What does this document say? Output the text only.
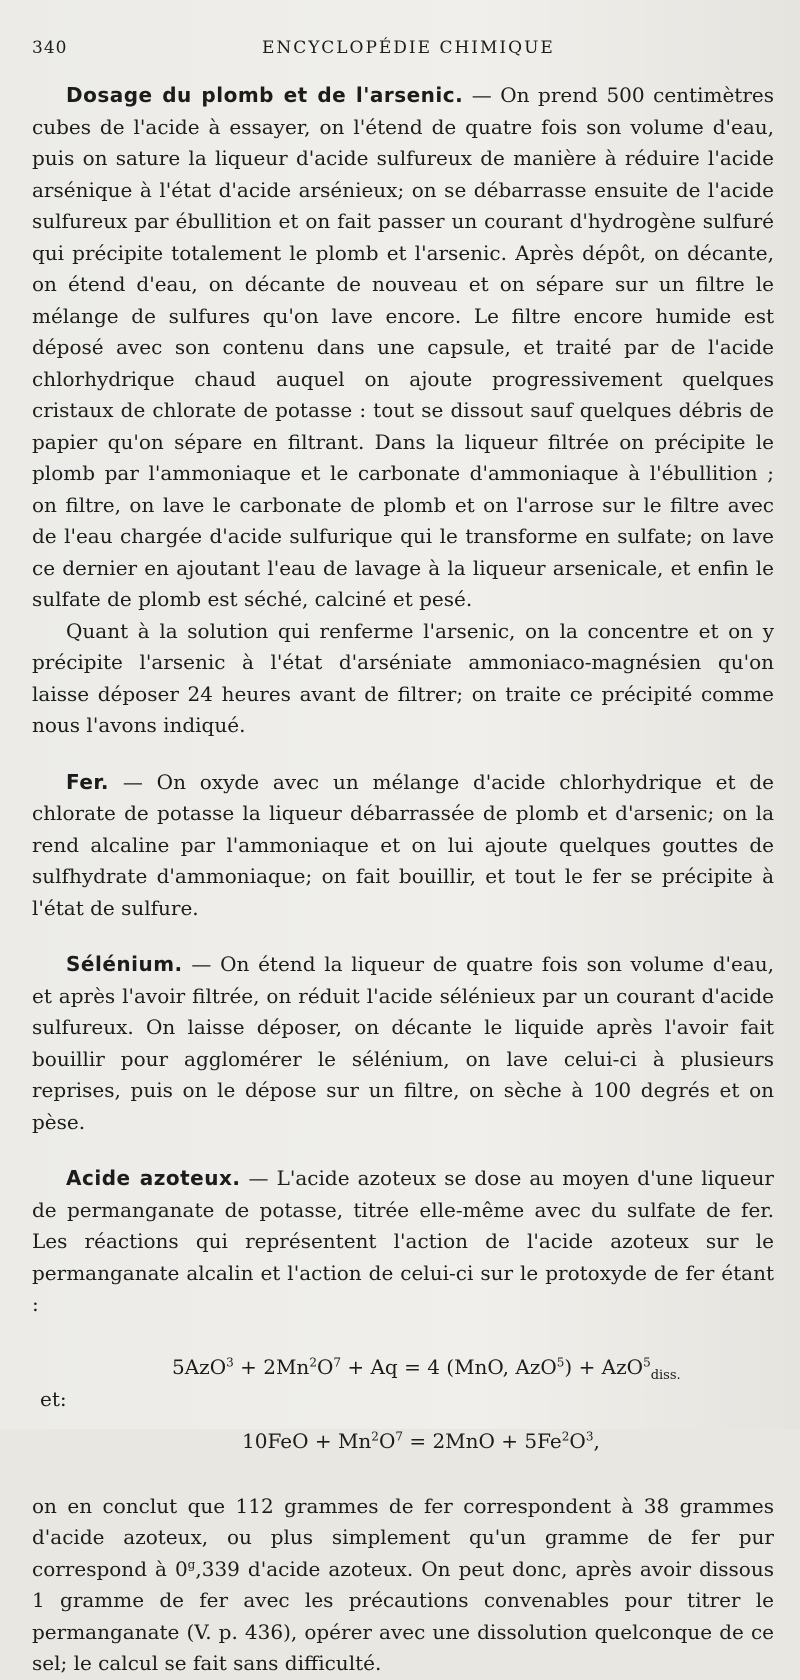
340	ENCYCLOPÉDIE CHIMIQUE

Dosage du plomb et de l'arsenic. — On prend 500 centimètres cubes de l'acide à essayer, on l'étend de quatre fois son volume d'eau, puis on sature la liqueur d'acide sulfureux de manière à réduire l'acide arsénique à l'état d'acide arsénieux; on se débarrasse ensuite de l'acide sulfureux par ébullition et on fait passer un courant d'hydrogène sulfuré qui précipite totalement le plomb et l'arsenic. Après dépôt, on décante, on étend d'eau, on décante de nouveau et on sépare sur un filtre le mélange de sulfures qu'on lave encore. Le filtre encore humide est déposé avec son contenu dans une capsule, et traité par de l'acide chlorhydrique chaud auquel on ajoute progressivement quelques cristaux de chlorate de potasse : tout se dissout sauf quelques débris de papier qu'on sépare en filtrant. Dans la liqueur filtrée on précipite le plomb par l'ammoniaque et le carbonate d'ammoniaque à l'ébullition ; on filtre, on lave le carbonate de plomb et on l'arrose sur le filtre avec de l'eau chargée d'acide sulfurique qui le transforme en sulfate; on lave ce dernier en ajoutant l'eau de lavage à la liqueur arsenicale, et enfin le sulfate de plomb est séché, calciné et pesé.

Quant à la solution qui renferme l'arsenic, on la concentre et on y précipite l'arsenic à l'état d'arséniate ammoniaco-magnésien qu'on laisse déposer 24 heures avant de filtrer; on traite ce précipité comme nous l'avons indiqué.

Fer. — On oxyde avec un mélange d'acide chlorhydrique et de chlorate de potasse la liqueur débarrassée de plomb et d'arsenic; on la rend alcaline par l'ammoniaque et on lui ajoute quelques gouttes de sulfhydrate d'ammoniaque; on fait bouillir, et tout le fer se précipite à l'état de sulfure.

Sélénium. — On étend la liqueur de quatre fois son volume d'eau, et après l'avoir filtrée, on réduit l'acide sélénieux par un courant d'acide sulfureux. On laisse déposer, on décante le liquide après l'avoir fait bouillir pour agglomérer le sélénium, on lave celui-ci à plusieurs reprises, puis on le dépose sur un filtre, on sèche à 100 degrés et on pèse.

Acide azoteux. — L'acide azoteux se dose au moyen d'une liqueur de permanganate de potasse, titrée elle-même avec du sulfate de fer. Les réactions qui représentent l'action de l'acide azoteux sur le permanganate alcalin et l'action de celui-ci sur le protoxyde de fer étant :

$5AzO^3 + 2Mn^2O^7 + Aq = 4$ (MnO, AzO$^5$) + AzO$^5_{diss.}$
et:
$10FeO + Mn^2O^7 = 2MnO + 5Fe^2O^3$,

on en conclut que 112 grammes de fer correspondent à 38 grammes d'acide azoteux, ou plus simplement qu'un gramme de fer pur correspond à 0$^g$,339 d'acide azoteux. On peut donc, après avoir dissous 1 gramme de fer avec les précautions convenables pour titrer le permanganate (V. p. 436), opérer avec une dissolution quelconque de ce sel; le calcul se fait sans difficulté.
